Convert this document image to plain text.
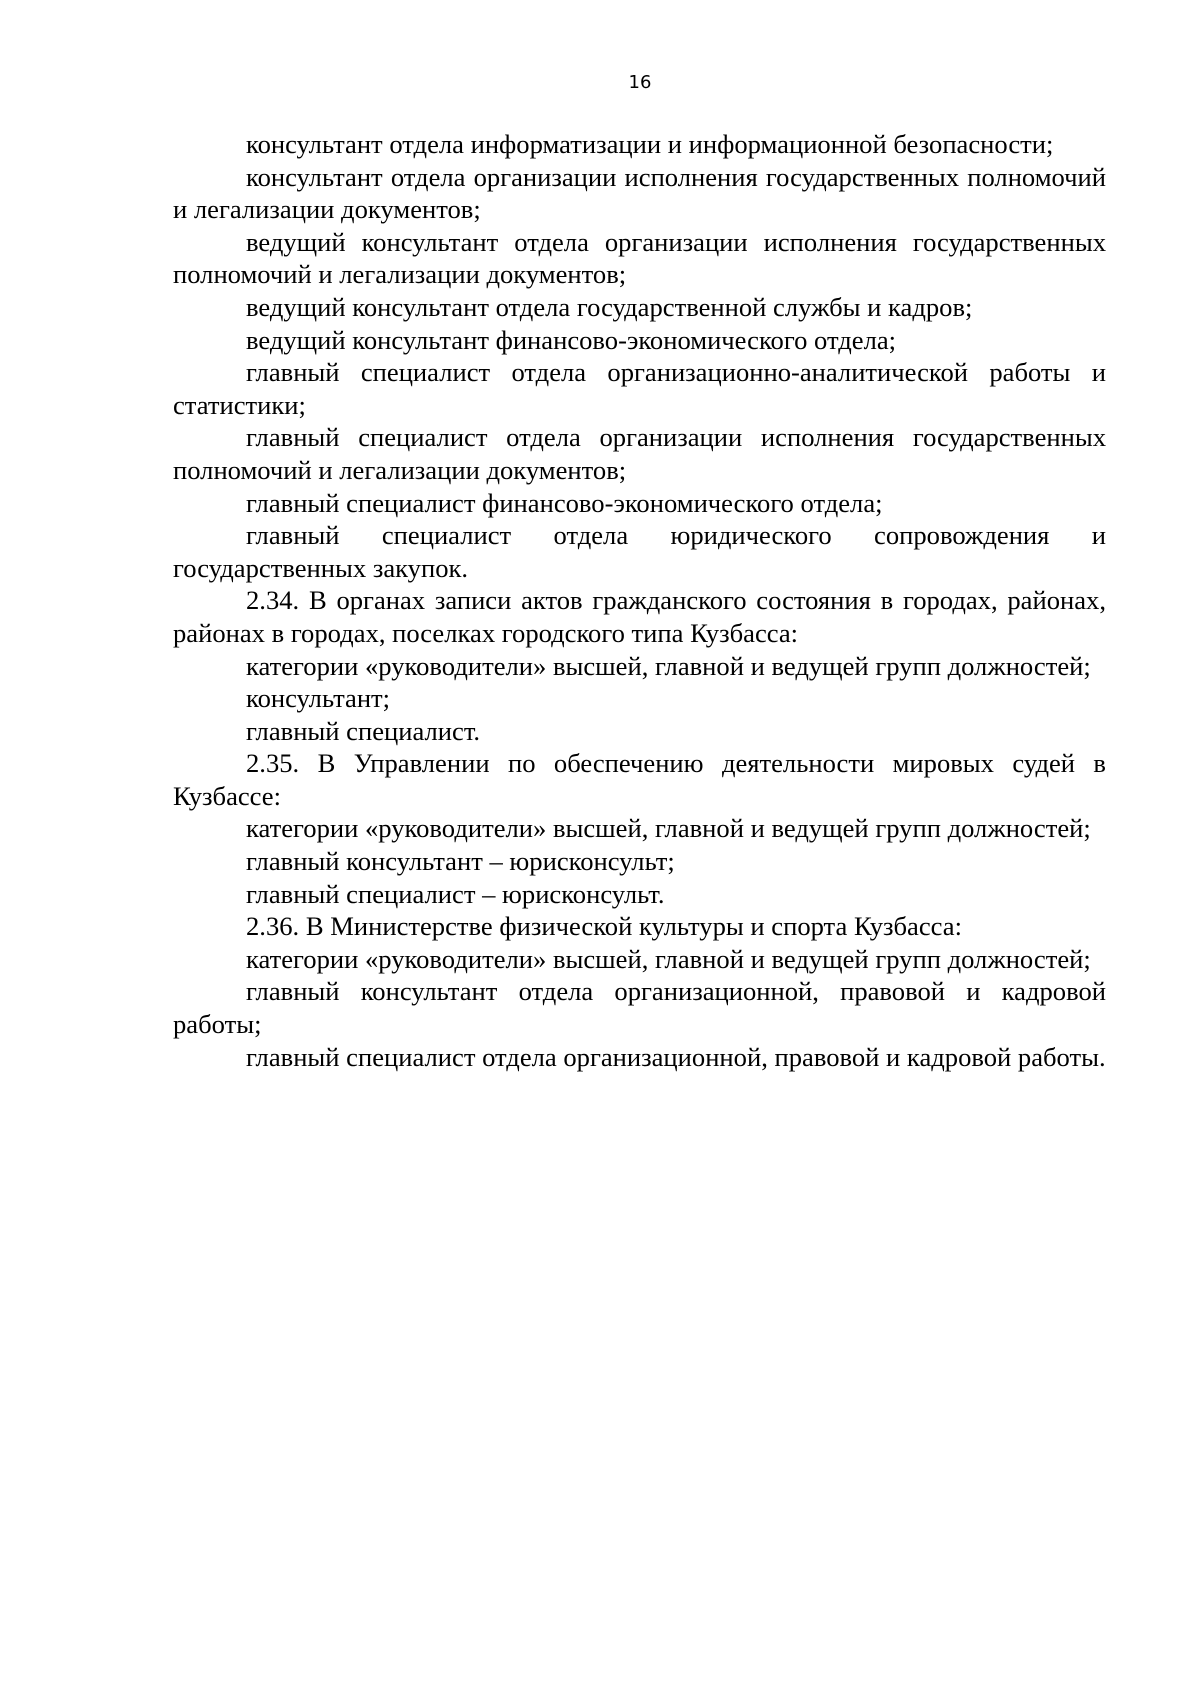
16

консультант отдела информатизации и информационной безопасности;

консультант отдела организации исполнения государственных полномочий и легализации документов;

ведущий консультант отдела организации исполнения государственных полномочий и легализации документов;

ведущий консультант отдела государственной службы и кадров;

ведущий консультант финансово-экономического отдела;

главный специалист отдела организационно-аналитической работы и статистики;

главный специалист отдела организации исполнения государственных полномочий и легализации документов;

главный специалист финансово-экономического отдела;

главный специалист отдела юридического сопровождения и государственных закупок.

2.34. В органах записи актов гражданского состояния в городах, районах, районах в городах, поселках городского типа Кузбасса:

категории «руководители» высшей, главной и ведущей групп должностей;

консультант;

главный специалист.

2.35. В Управлении по обеспечению деятельности мировых судей в Кузбассе:

категории «руководители» высшей, главной и ведущей групп должностей;

главный консультант – юрисконсульт;

главный специалист – юрисконсульт.

2.36. В Министерстве физической культуры и спорта Кузбасса:

категории «руководители» высшей, главной и ведущей групп должностей;

главный консультант отдела организационной, правовой и кадровой работы;

главный специалист отдела организационной, правовой и кадровой работы.
